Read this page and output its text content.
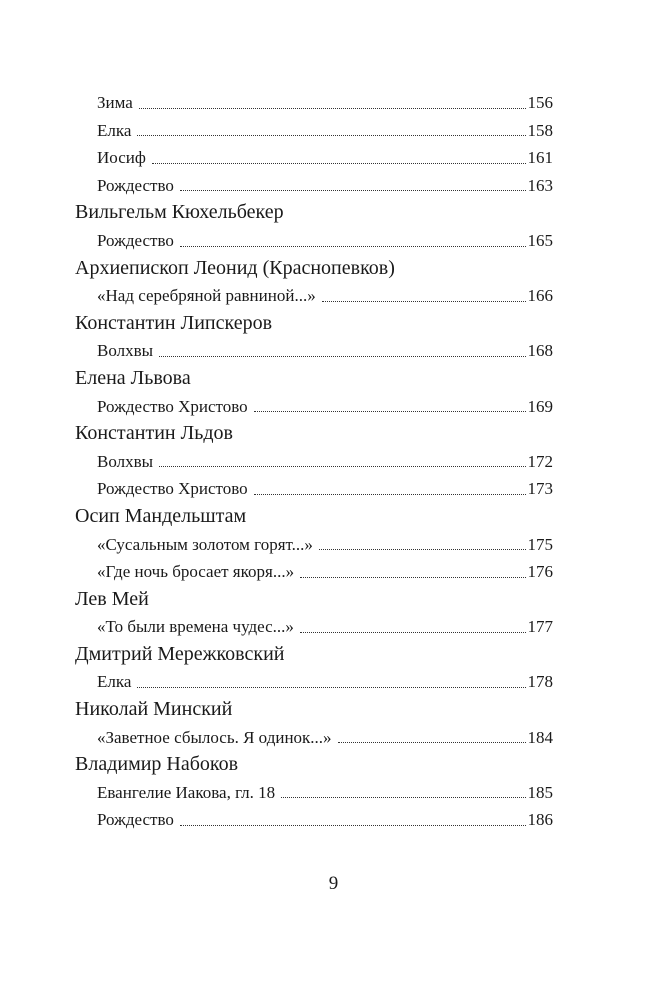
Зима	156
Елка	158
Иосиф	161
Рождество	163
Вильгельм Кюхельбекер
Рождество	165
Архиепископ Леонид (Краснопевков)
«Над серебряной равниной...»	166
Константин Липскеров
Волхвы	168
Елена Львова
Рождество Христово	169
Константин Льдов
Волхвы	172
Рождество Христово	173
Осип Мандельштам
«Сусальным золотом горят...»	175
«Где ночь бросает якоря...»	176
Лев Мей
«То были времена чудес...»	177
Дмитрий Мережковский
Елка	178
Николай Минский
«Заветное сбылось. Я одинок...»	184
Владимир Набоков
Евангелие Иакова, гл. 18	185
Рождество	186
9
